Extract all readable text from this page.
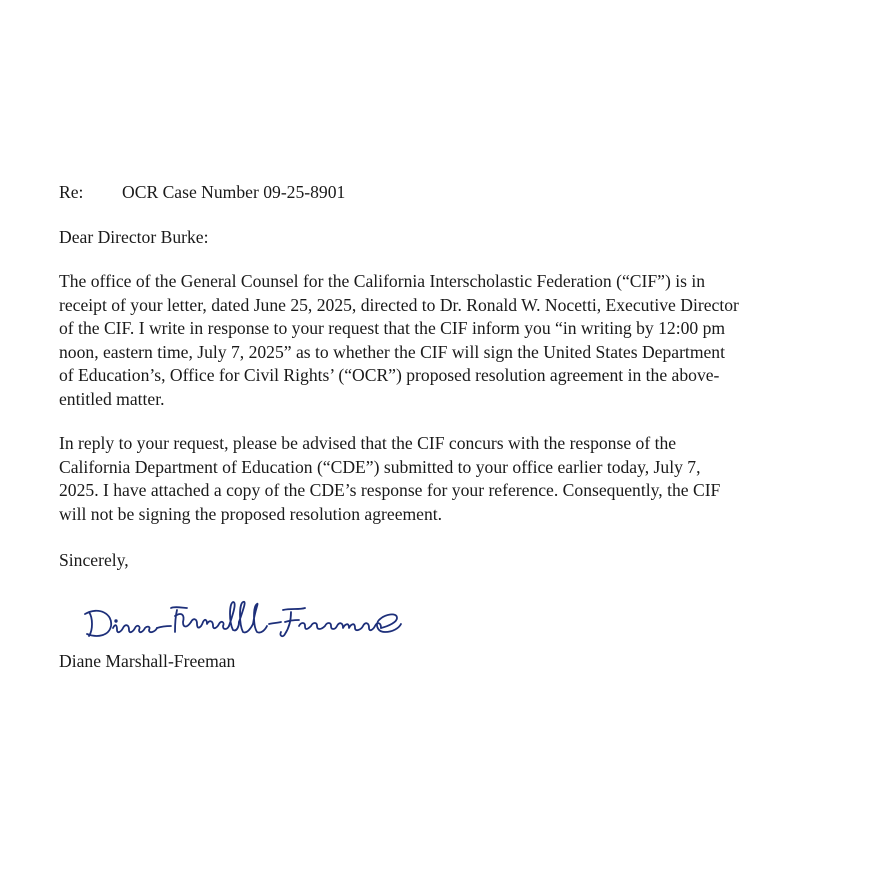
Re:	OCR Case Number 09-25-8901
Dear Director Burke:
The office of the General Counsel for the California Interscholastic Federation (“CIF”) is in
receipt of your letter, dated June 25, 2025, directed to Dr. Ronald W. Nocetti, Executive Director
of the CIF. I write in response to your request that the CIF inform you “in writing by 12:00 pm
noon, eastern time, July 7, 2025” as to whether the CIF will sign the United States Department
of Education’s, Office for Civil Rights’ (“OCR”) proposed resolution agreement in the above-
entitled matter.
In reply to your request, please be advised that the CIF concurs with the response of the
California Department of Education (“CDE”) submitted to your office earlier today, July 7,
2025. I have attached a copy of the CDE’s response for your reference. Consequently, the CIF
will not be signing the proposed resolution agreement.
Sincerely,
Diane Marshall-Freeman
